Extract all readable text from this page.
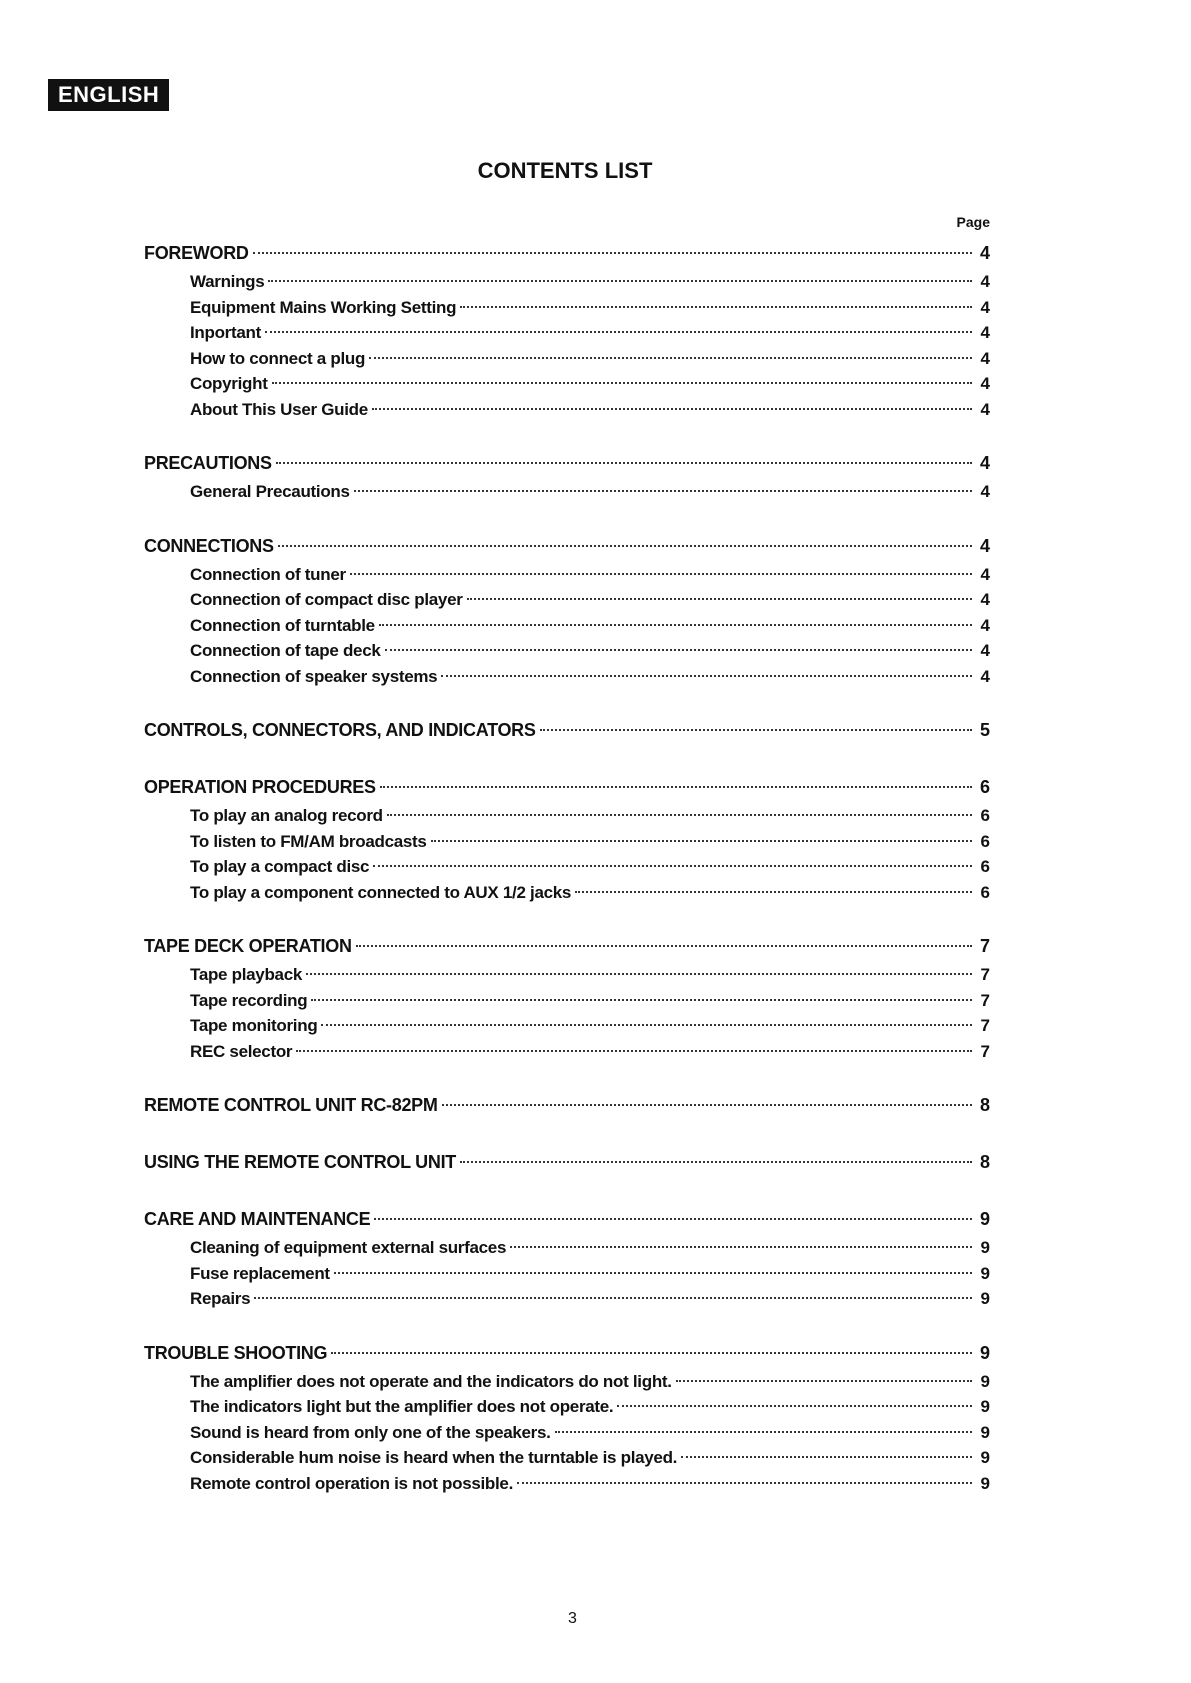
ENGLISH
CONTENTS LIST
Page
FOREWORD	4
Warnings	4
Equipment Mains Working Setting	4
Inportant	4
How to connect a plug	4
Copyright	4
About This User Guide	4
PRECAUTIONS	4
General Precautions	4
CONNECTIONS	4
Connection of tuner	4
Connection of compact disc player	4
Connection of turntable	4
Connection of tape deck	4
Connection of speaker systems	4
CONTROLS, CONNECTORS, AND INDICATORS	5
OPERATION PROCEDURES	6
To play an analog record	6
To listen to FM/AM broadcasts	6
To play a compact disc	6
To play a component connected to AUX 1/2 jacks	6
TAPE DECK OPERATION	7
Tape playback	7
Tape recording	7
Tape monitoring	7
REC selector	7
REMOTE CONTROL UNIT RC-82PM	8
USING THE REMOTE CONTROL UNIT	8
CARE AND MAINTENANCE	9
Cleaning of equipment external surfaces	9
Fuse replacement	9
Repairs	9
TROUBLE SHOOTING	9
The amplifier does not operate and the indicators do not light.	9
The indicators light but the amplifier does not operate.	9
Sound is heard from only one of the speakers.	9
Considerable hum noise is heard when the turntable is played.	9
Remote control operation is not possible.	9
3
